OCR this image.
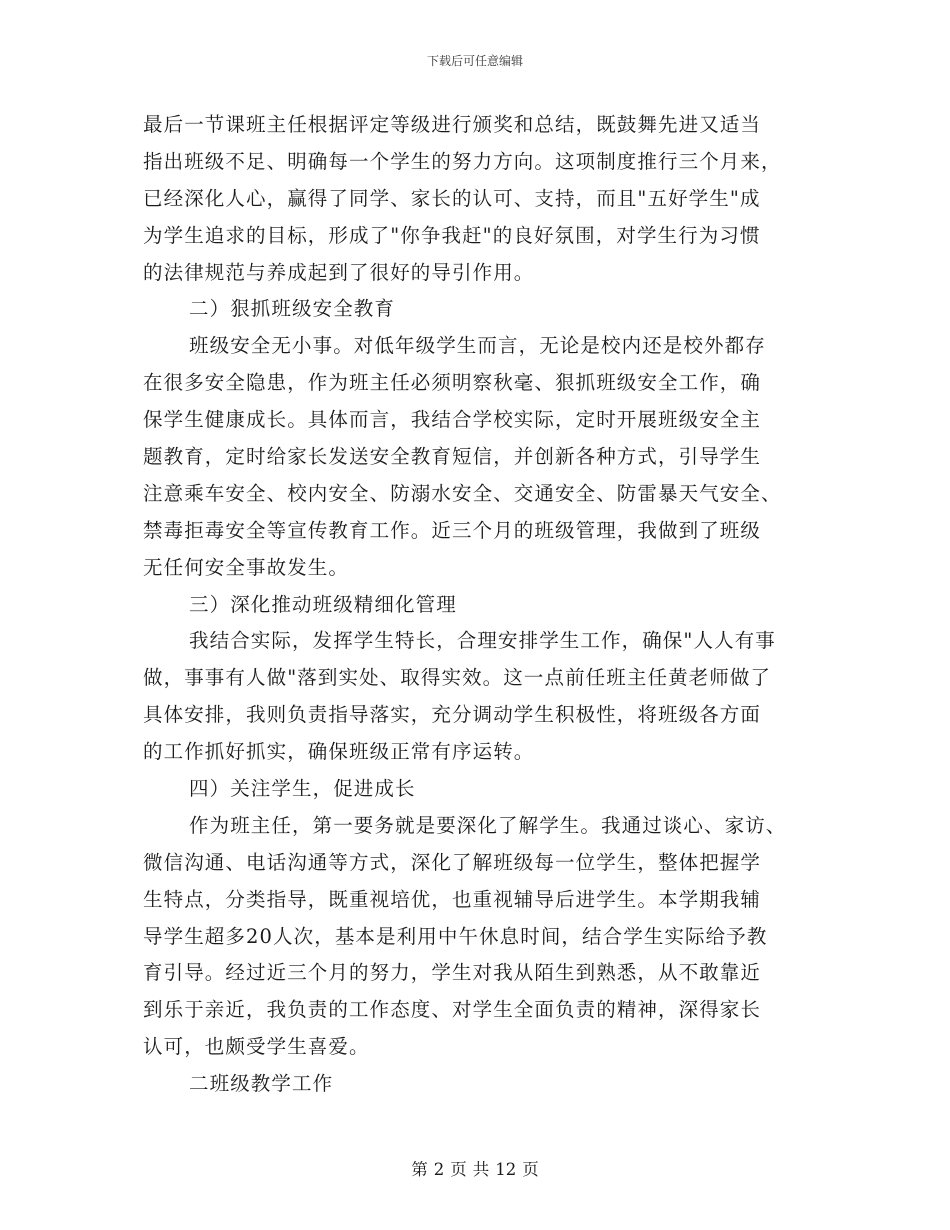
下载后可任意编辑
最后一节课班主任根据评定等级进行颁奖和总结，既鼓舞先进又适当
指出班级不足、明确每一个学生的努力方向。这项制度推行三个月来，
已经深化人心，赢得了同学、家长的认可、支持，而且"五好学生"成
为学生追求的目标，形成了"你争我赶"的良好氛围，对学生行为习惯
的法律规范与养成起到了很好的导引作用。
二）狠抓班级安全教育
班级安全无小事。对低年级学生而言，无论是校内还是校外都存
在很多安全隐患，作为班主任必须明察秋毫、狠抓班级安全工作，确
保学生健康成长。具体而言，我结合学校实际，定时开展班级安全主
题教育，定时给家长发送安全教育短信，并创新各种方式，引导学生
注意乘车安全、校内安全、防溺水安全、交通安全、防雷暴天气安全、
禁毒拒毒安全等宣传教育工作。近三个月的班级管理，我做到了班级
无任何安全事故发生。
三）深化推动班级精细化管理
我结合实际，发挥学生特长，合理安排学生工作，确保"人人有事
做，事事有人做"落到实处、取得实效。这一点前任班主任黄老师做了
具体安排，我则负责指导落实，充分调动学生积极性，将班级各方面
的工作抓好抓实，确保班级正常有序运转。
四）关注学生，促进成长
作为班主任，第一要务就是要深化了解学生。我通过谈心、家访、
微信沟通、电话沟通等方式，深化了解班级每一位学生，整体把握学
生特点，分类指导，既重视培优，也重视辅导后进学生。本学期我辅
导学生超多20人次，基本是利用中午休息时间，结合学生实际给予教
育引导。经过近三个月的努力，学生对我从陌生到熟悉，从不敢靠近
到乐于亲近，我负责的工作态度、对学生全面负责的精神，深得家长
认可，也颇受学生喜爱。
二班级教学工作
第 2 页 共 12 页
